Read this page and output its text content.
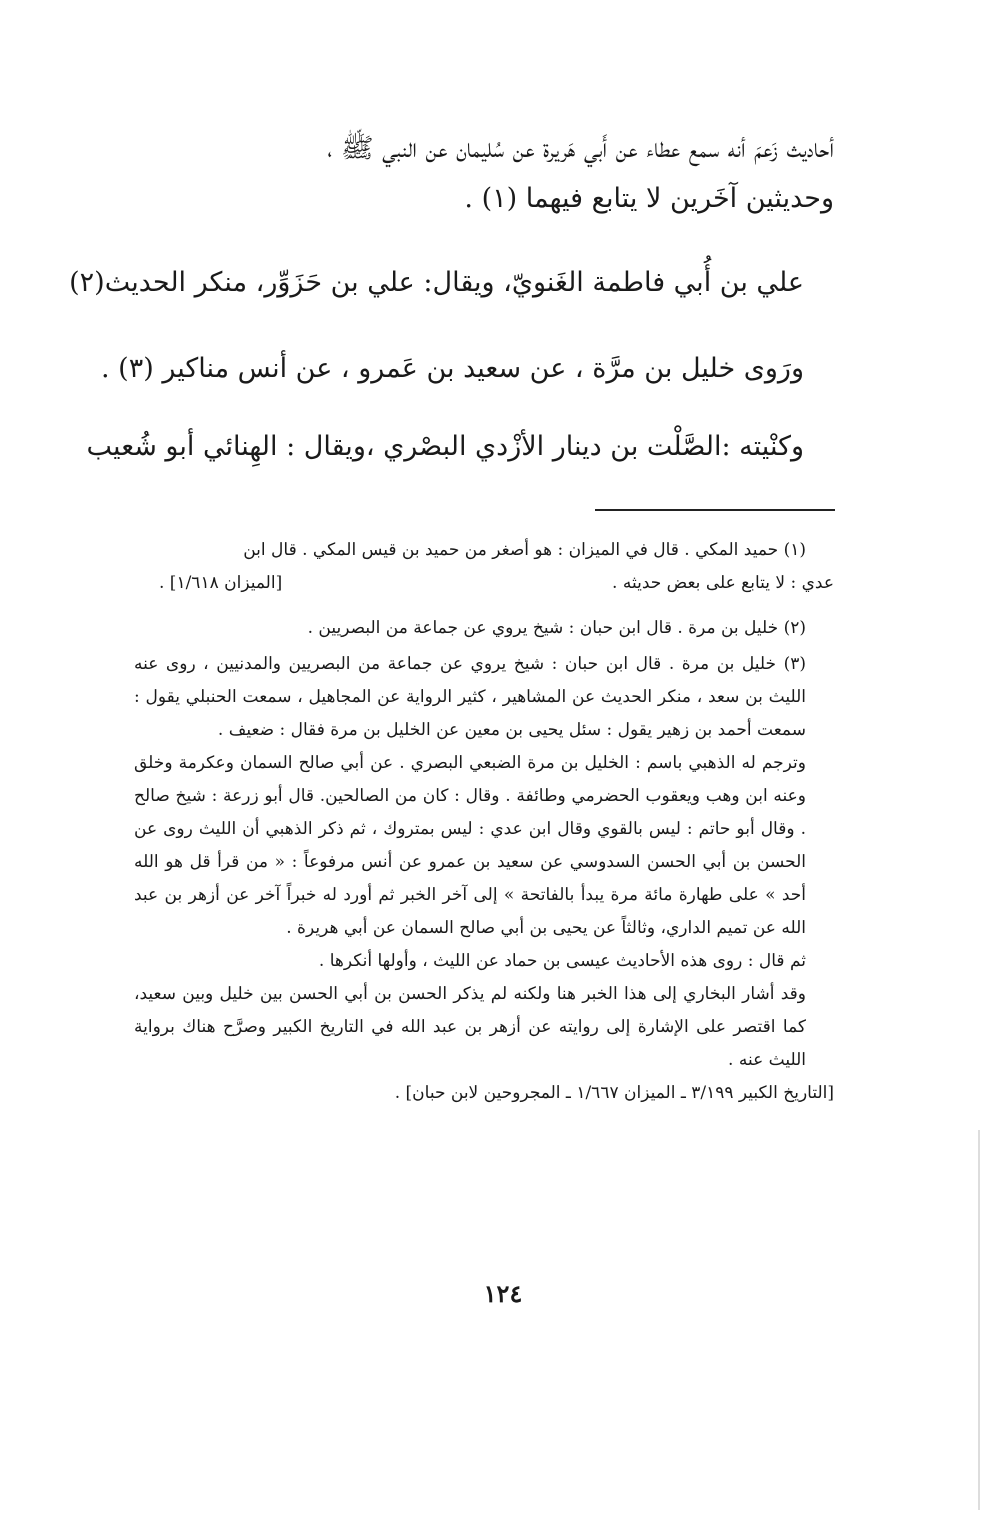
أحاديث زَعمَ أنه سمع عطاء عن أَبي هَريرة عن سُليمان عن النبي ﷺ ،
وحديثين آخَرين لا يتابع فيهما (١) .
علي بن أُبي فاطمة الغَنويّ، ويقال: علي بن حَزَوِّر، منكر الحديث(٢)
ورَوى خليل بن مرَّة ، عن سعيد بن عَمرو ، عن أنس مناكير (٣) .
وكنْيته :الصَّلْت بن دينار الأزْدي البصْري ،ويقال : الهِنائي أبو شُعيب
(١) حميد المكي . قال في الميزان : هو أصغر من حميد بن قيس المكي . قال ابن
عدي : لا يتابع على بعض حديثه .
[الميزان ١/٦١٨] .
(٢) خليل بن مرة . قال ابن حبان : شيخ يروي عن جماعة من البصريين .
(٣) خليل بن مرة . قال ابن حبان : شيخ يروي عن جماعة من البصريين والمدنيين ، روى عنه الليث بن سعد ، منكر الحديث عن المشاهير ، كثير الرواية عن المجاهيل ، سمعت الحنبلي يقول : سمعت أحمد بن زهير يقول : سئل يحيى بن معين عن الخليل بن مرة فقال : ضعيف .
وترجم له الذهبي باسم : الخليل بن مرة الضبعي البصري . عن أبي صالح السمان وعكرمة وخلق وعنه ابن وهب ويعقوب الحضرمي وطائفة . وقال : كان من الصالحين. قال أبو زرعة : شيخ صالح . وقال أبو حاتم : ليس بالقوي وقال ابن عدي : ليس بمتروك ، ثم ذكر الذهبي أن الليث روى عن الحسن بن أبي الحسن السدوسي عن سعيد بن عمرو عن أنس مرفوعاً : « من قرأ قل هو الله أحد » على طهارة مائة مرة يبدأ بالفاتحة » إلى آخر الخبر ثم أورد له خبراً آخر عن أزهر بن عبد الله عن تميم الداري، وثالثاً عن يحيى بن أبي صالح السمان عن أبي هريرة .
ثم قال : روى هذه الأحاديث عيسى بن حماد عن الليث ، وأولها أنكرها .
وقد أشار البخاري إلى هذا الخبر هنا ولكنه لم يذكر الحسن بن أبي الحسن بين خليل وبين سعيد، كما اقتصر على الإشارة إلى روايته عن أزهر بن عبد الله في التاريخ الكبير وصرَّح هناك برواية الليث عنه .
[التاريخ الكبير ٣/١٩٩ ـ الميزان ١/٦٦٧ ـ المجروحين لابن حبان] .
١٢٤
